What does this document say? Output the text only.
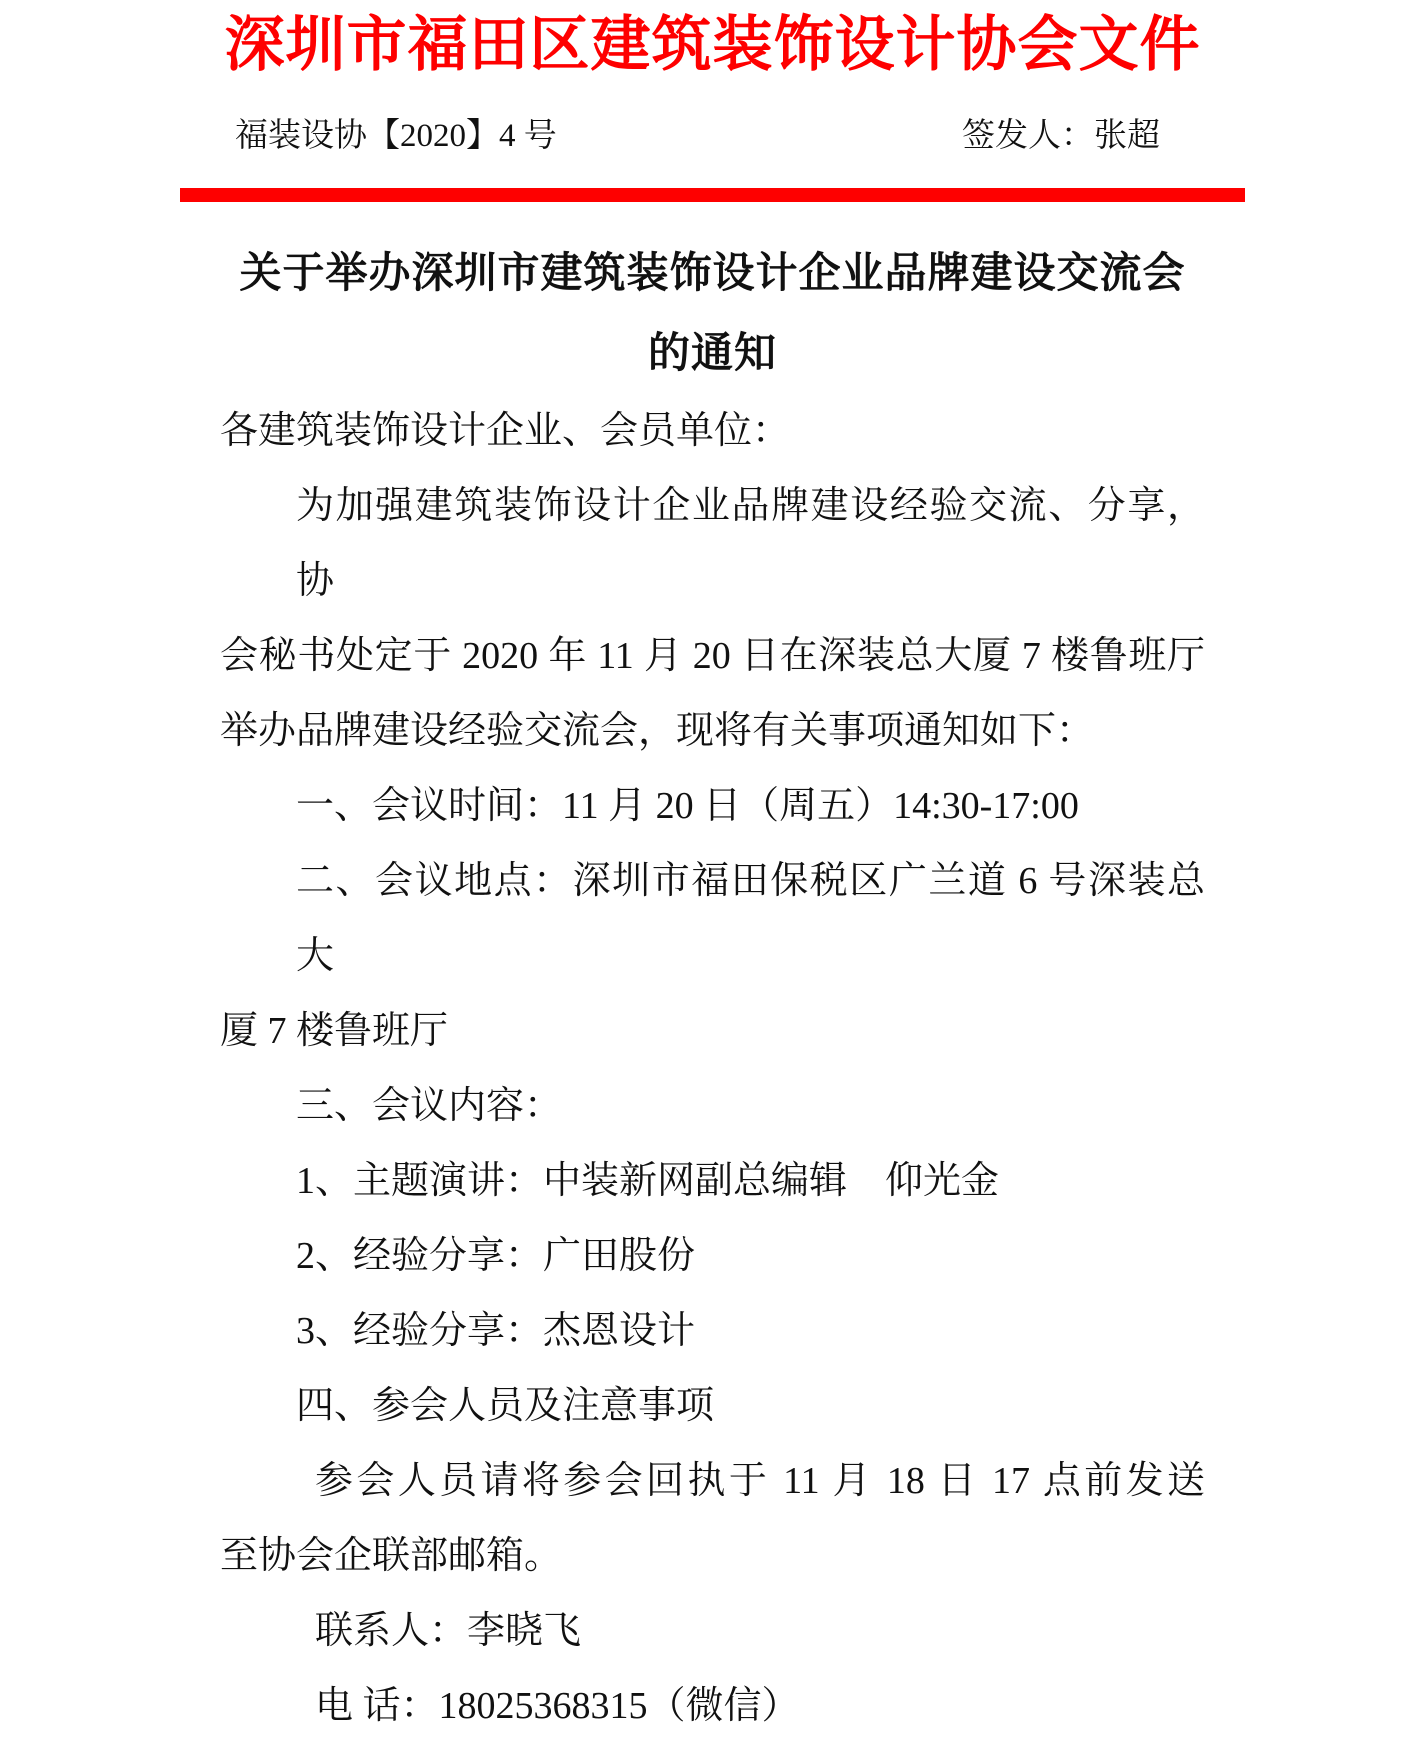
深圳市福田区建筑装饰设计协会文件
福装设协【2020】4 号	签发人：张超
关于举办深圳市建筑装饰设计企业品牌建设交流会
的通知
各建筑装饰设计企业、会员单位：
为加强建筑装饰设计企业品牌建设经验交流、分享，协
会秘书处定于 2020 年 11 月 20 日在深装总大厦 7 楼鲁班厅
举办品牌建设经验交流会，现将有关事项通知如下：
一、会议时间：11 月 20 日（周五）14:30-17:00
二、会议地点：深圳市福田保税区广兰道 6 号深装总大
厦 7 楼鲁班厅
三、会议内容：
1、主题演讲：中装新网副总编辑　仰光金
2、经验分享：广田股份
3、经验分享：杰恩设计
四、参会人员及注意事项
参会人员请将参会回执于 11 月 18 日 17 点前发送
至协会企联部邮箱。
联系人：李晓飞
电 话：18025368315（微信）
